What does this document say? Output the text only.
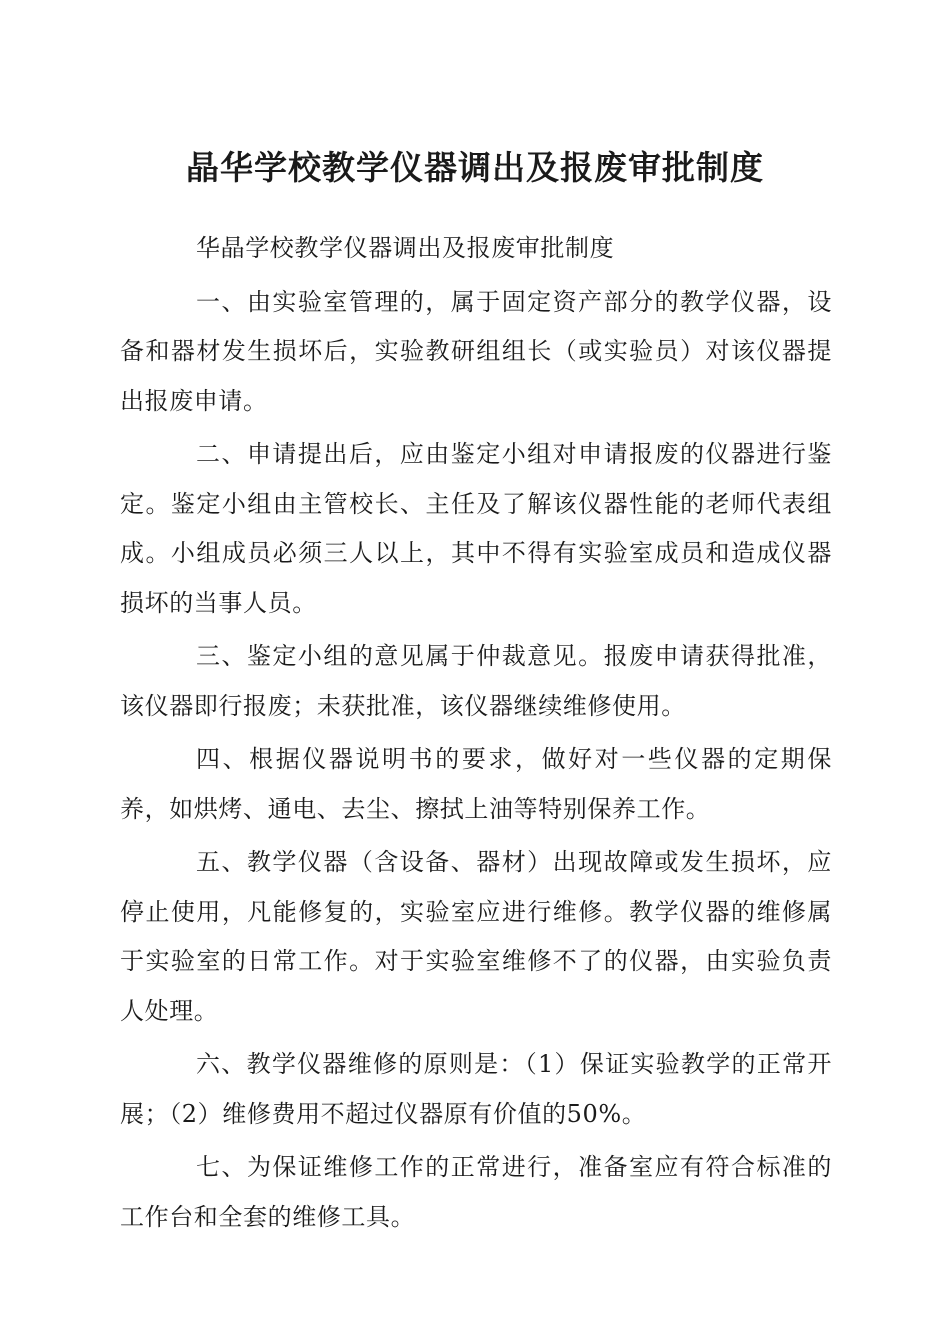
晶华学校教学仪器调出及报废审批制度

华晶学校教学仪器调出及报废审批制度

一、由实验室管理的，属于固定资产部分的教学仪器，设备和器材发生损坏后，实验教研组组长（或实验员）对该仪器提出报废申请。

二、申请提出后，应由鉴定小组对申请报废的仪器进行鉴定。鉴定小组由主管校长、主任及了解该仪器性能的老师代表组成。小组成员必须三人以上，其中不得有实验室成员和造成仪器损坏的当事人员。

三、鉴定小组的意见属于仲裁意见。报废申请获得批准，该仪器即行报废；未获批准，该仪器继续维修使用。

四、根据仪器说明书的要求，做好对一些仪器的定期保养，如烘烤、通电、去尘、擦拭上油等特别保养工作。

五、教学仪器（含设备、器材）出现故障或发生损坏，应停止使用，凡能修复的，实验室应进行维修。教学仪器的维修属于实验室的日常工作。对于实验室维修不了的仪器，由实验负责人处理。

六、教学仪器维修的原则是：（1）保证实验教学的正常开展；（2）维修费用不超过仪器原有价值的50%。

七、为保证维修工作的正常进行，准备室应有符合标准的工作台和全套的维修工具。
